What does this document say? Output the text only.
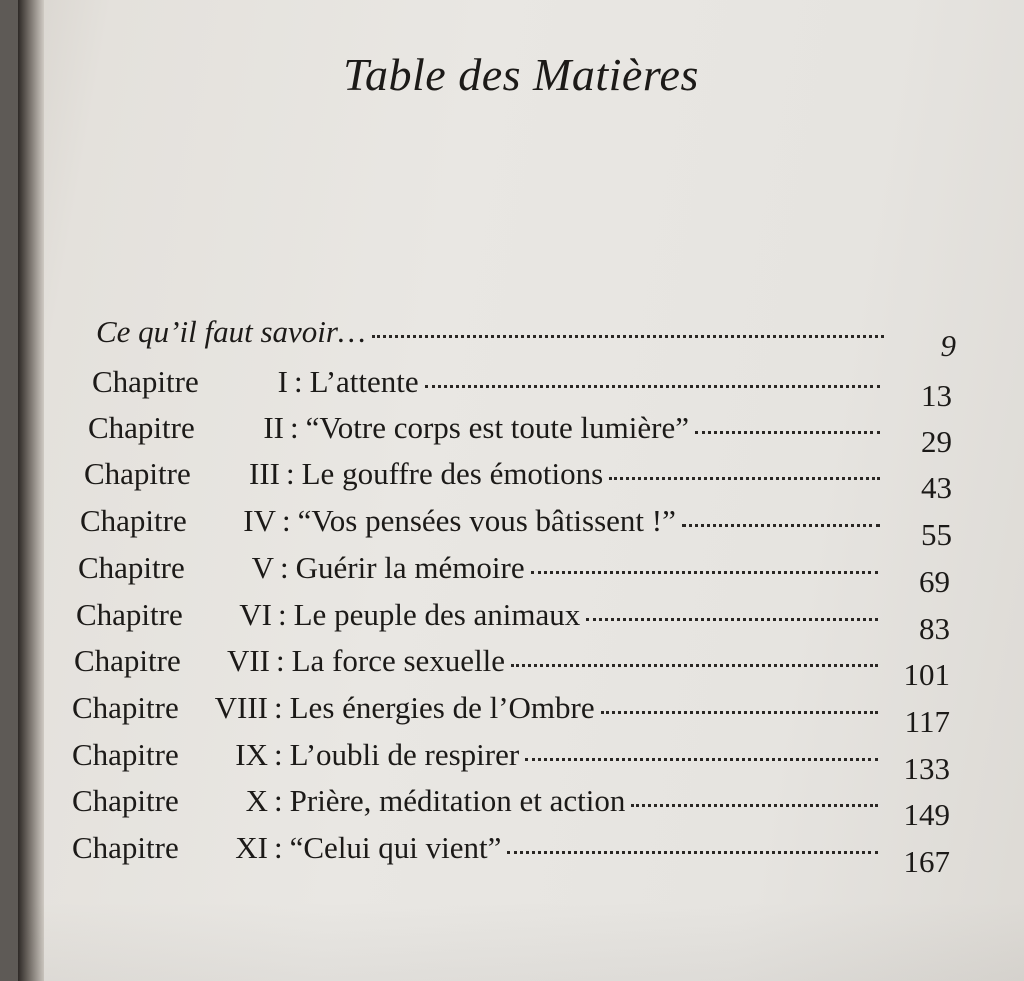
Table des Matières
Ce qu’il faut savoir…	9
Chapitre	I : L’attente	13
Chapitre	II : “Votre corps est toute lumière”	29
Chapitre	III : Le gouffre des émotions	43
Chapitre	IV : “Vos pensées vous bâtissent !”	55
Chapitre	V : Guérir la mémoire	69
Chapitre	VI : Le peuple des animaux	83
Chapitre	VII : La force sexuelle	101
Chapitre	VIII : Les énergies de l’Ombre	117
Chapitre	IX : L’oubli de respirer	133
Chapitre	X : Prière, méditation et action	149
Chapitre	XI : “Celui qui vient”	167
